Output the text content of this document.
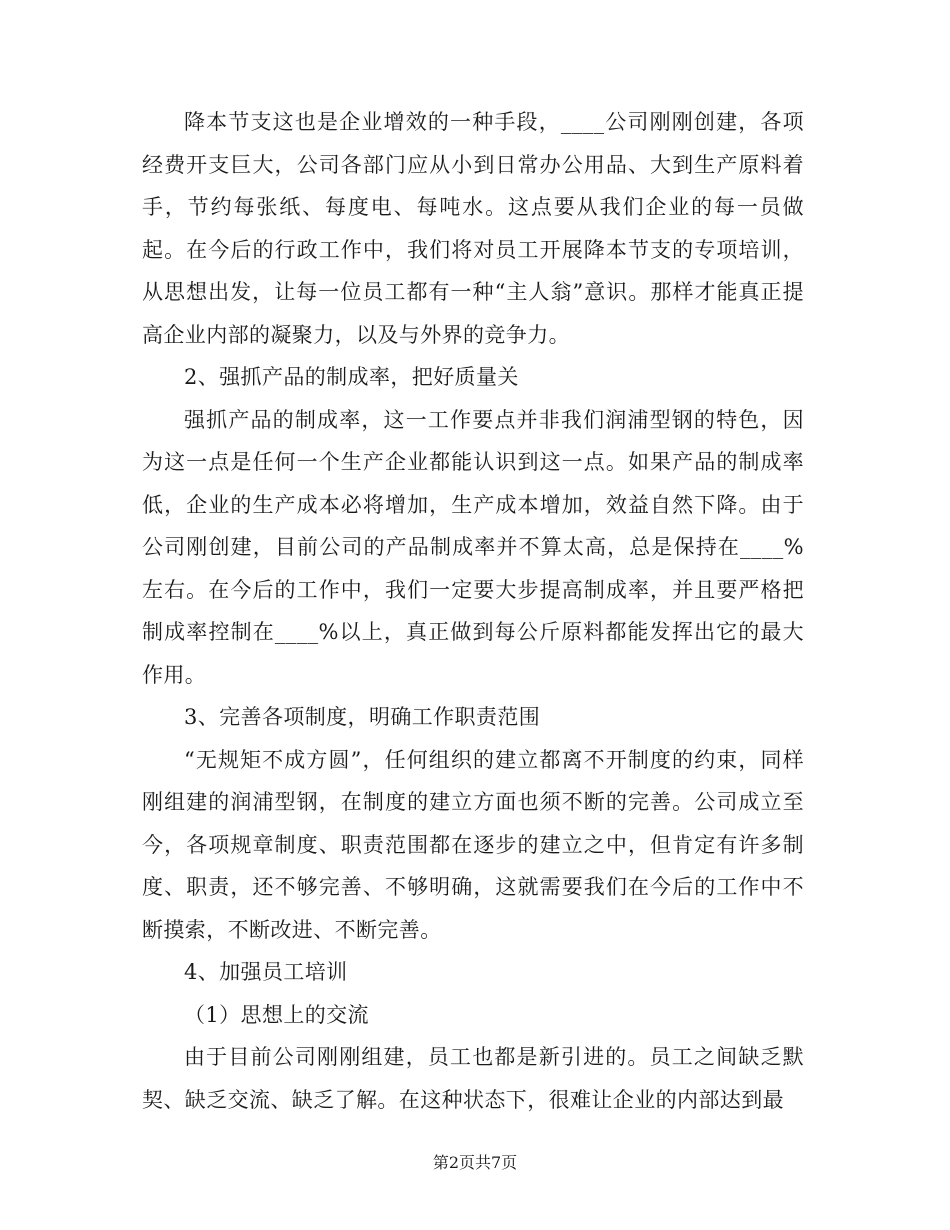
降本节支这也是企业增效的一种手段，____公司刚刚创建，各项经费开支巨大，公司各部门应从小到日常办公用品、大到生产原料着手，节约每张纸、每度电、每吨水。这点要从我们企业的每一员做起。在今后的行政工作中，我们将对员工开展降本节支的专项培训，从思想出发，让每一位员工都有一种“主人翁”意识。那样才能真正提高企业内部的凝聚力，以及与外界的竞争力。

2、强抓产品的制成率，把好质量关

强抓产品的制成率，这一工作要点并非我们润浦型钢的特色，因为这一点是任何一个生产企业都能认识到这一点。如果产品的制成率低，企业的生产成本必将增加，生产成本增加，效益自然下降。由于公司刚创建，目前公司的产品制成率并不算太高，总是保持在____%左右。在今后的工作中，我们一定要大步提高制成率，并且要严格把制成率控制在____%以上，真正做到每公斤原料都能发挥出它的最大作用。

3、完善各项制度，明确工作职责范围

“无规矩不成方圆”，任何组织的建立都离不开制度的约束，同样刚组建的润浦型钢，在制度的建立方面也须不断的完善。公司成立至今，各项规章制度、职责范围都在逐步的建立之中，但肯定有许多制度、职责，还不够完善、不够明确，这就需要我们在今后的工作中不断摸索，不断改进、不断完善。

4、加强员工培训

（1）思想上的交流

由于目前公司刚刚组建，员工也都是新引进的。员工之间缺乏默契、缺乏交流、缺乏了解。在这种状态下，很难让企业的内部达到最

第2页共7页
